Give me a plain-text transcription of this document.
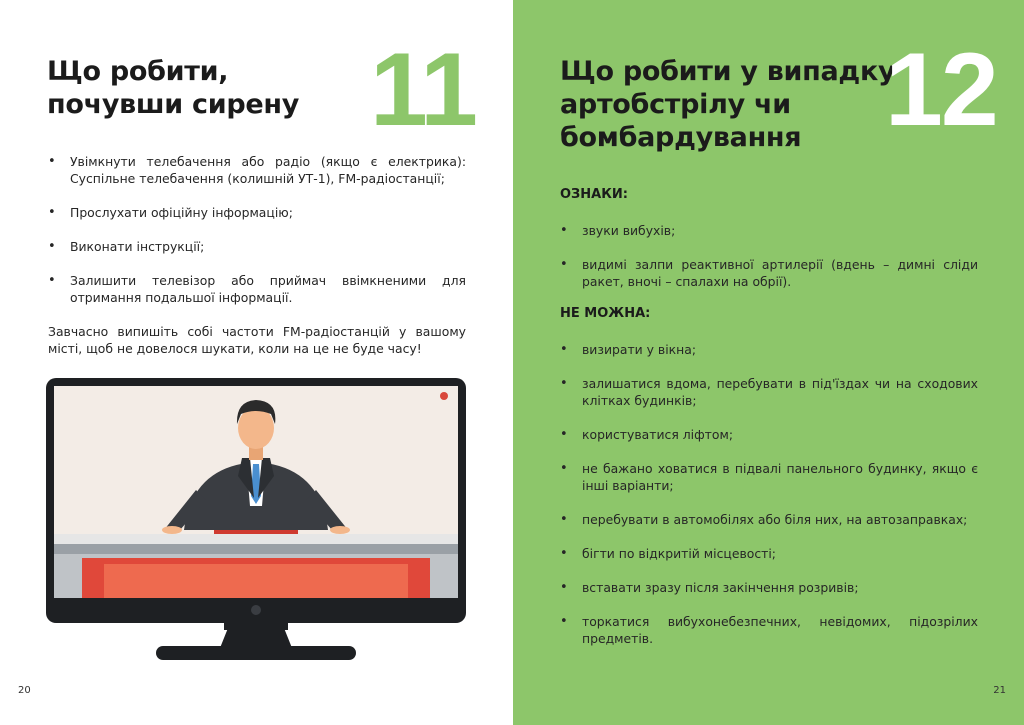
Що робити,
почувши сирену 11
• Увімкнути телебачення або радіо (якщо є електрика): Суспільне телебачення (колишній УТ-1), FM-радіостанції;
• Прослухати офіційну інформацію;
• Виконати інструкції;
• Залишити телевізор або приймач ввімкненими для отримання подальшої інформації.

Завчасно випишіть собі частоти FM-радіостанцій у вашому місті, щоб не довелося шукати, коли на це не буде часу!

20
Що робити у випадку
артобстрілу чи
бомбардування 12

ОЗНАКИ:

• звуки вибухів;
• видимі залпи реактивної артилерії (вдень – димні сліди ракет, вночі – спалахи на обрії).

НЕ МОЖНА:

• визирати у вікна;
• залишатися вдома, перебувати в під'їздах чи на сходових клітках будинків;
• користуватися ліфтом;
• не бажано ховатися в підвалі панельного будинку, якщо є інші варіанти;
• перебувати в автомобілях або біля них, на автозаправках;
• бігти по відкритій місцевості;
• вставати зразу після закінчення розривів;
• торкатися вибухонебезпечних, невідомих, підозрілих предметів.
21
